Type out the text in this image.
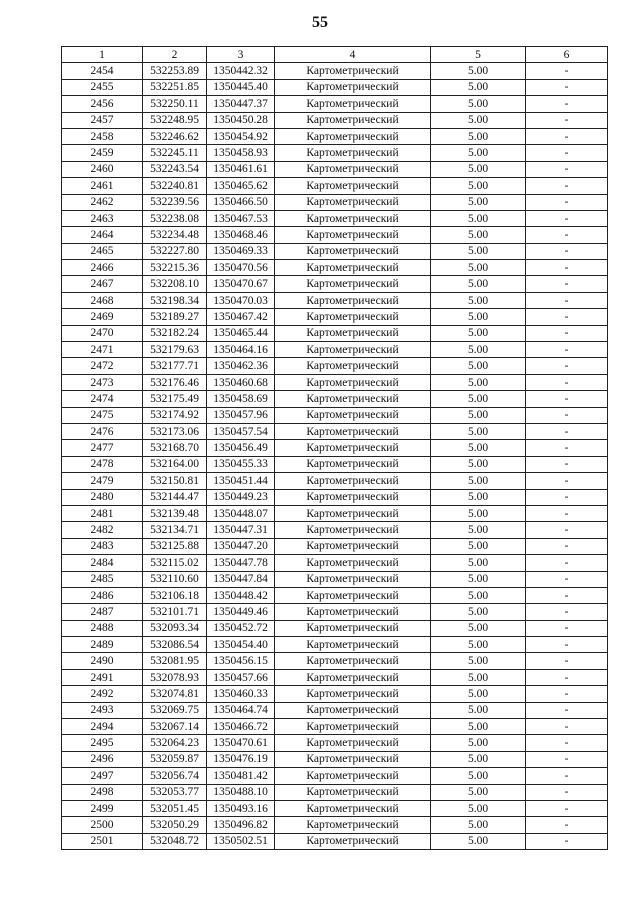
55
1	2	3	4	5	6
2454	532253.89	1350442.32	Картометрический	5.00	-
2455	532251.85	1350445.40	Картометрический	5.00	-
2456	532250.11	1350447.37	Картометрический	5.00	-
2457	532248.95	1350450.28	Картометрический	5.00	-
2458	532246.62	1350454.92	Картометрический	5.00	-
2459	532245.11	1350458.93	Картометрический	5.00	-
2460	532243.54	1350461.61	Картометрический	5.00	-
2461	532240.81	1350465.62	Картометрический	5.00	-
2462	532239.56	1350466.50	Картометрический	5.00	-
2463	532238.08	1350467.53	Картометрический	5.00	-
2464	532234.48	1350468.46	Картометрический	5.00	-
2465	532227.80	1350469.33	Картометрический	5.00	-
2466	532215.36	1350470.56	Картометрический	5.00	-
2467	532208.10	1350470.67	Картометрический	5.00	-
2468	532198.34	1350470.03	Картометрический	5.00	-
2469	532189.27	1350467.42	Картометрический	5.00	-
2470	532182.24	1350465.44	Картометрический	5.00	-
2471	532179.63	1350464.16	Картометрический	5.00	-
2472	532177.71	1350462.36	Картометрический	5.00	-
2473	532176.46	1350460.68	Картометрический	5.00	-
2474	532175.49	1350458.69	Картометрический	5.00	-
2475	532174.92	1350457.96	Картометрический	5.00	-
2476	532173.06	1350457.54	Картометрический	5.00	-
2477	532168.70	1350456.49	Картометрический	5.00	-
2478	532164.00	1350455.33	Картометрический	5.00	-
2479	532150.81	1350451.44	Картометрический	5.00	-
2480	532144.47	1350449.23	Картометрический	5.00	-
2481	532139.48	1350448.07	Картометрический	5.00	-
2482	532134.71	1350447.31	Картометрический	5.00	-
2483	532125.88	1350447.20	Картометрический	5.00	-
2484	532115.02	1350447.78	Картометрический	5.00	-
2485	532110.60	1350447.84	Картометрический	5.00	-
2486	532106.18	1350448.42	Картометрический	5.00	-
2487	532101.71	1350449.46	Картометрический	5.00	-
2488	532093.34	1350452.72	Картометрический	5.00	-
2489	532086.54	1350454.40	Картометрический	5.00	-
2490	532081.95	1350456.15	Картометрический	5.00	-
2491	532078.93	1350457.66	Картометрический	5.00	-
2492	532074.81	1350460.33	Картометрический	5.00	-
2493	532069.75	1350464.74	Картометрический	5.00	-
2494	532067.14	1350466.72	Картометрический	5.00	-
2495	532064.23	1350470.61	Картометрический	5.00	-
2496	532059.87	1350476.19	Картометрический	5.00	-
2497	532056.74	1350481.42	Картометрический	5.00	-
2498	532053.77	1350488.10	Картометрический	5.00	-
2499	532051.45	1350493.16	Картометрический	5.00	-
2500	532050.29	1350496.82	Картометрический	5.00	-
2501	532048.72	1350502.51	Картометрический	5.00	-
